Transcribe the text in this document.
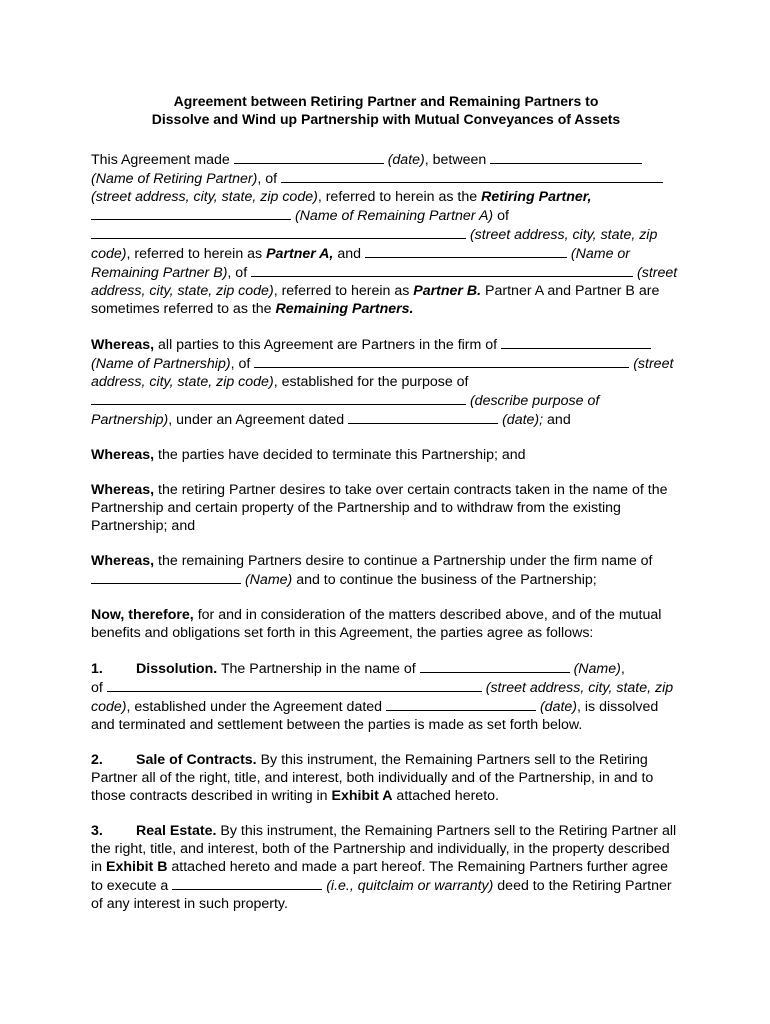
Agreement between Retiring Partner and Remaining Partners to
Dissolve and Wind up Partnership with Mutual Conveyances of Assets

This Agreement made	(date), between  (Name of Retiring Partner), of  (street address, city, state, zip code), referred to herein as the Retiring Partner,  (Name of Remaining Partner A) of  (street address, city, state, zip code), referred to herein as Partner A, and	(Name or Remaining Partner B), of	(street address, city, state, zip code), referred to herein as Partner B. Partner A and Partner B are sometimes referred to as the Remaining Partners.

Whereas, all parties to this Agreement are Partners in the firm of  (Name of Partnership), of	(street address, city, state, zip code), established for the purpose of  (describe purpose of Partnership), under an Agreement dated	(date); and

Whereas, the parties have decided to terminate this Partnership; and

Whereas, the retiring Partner desires to take over certain contracts taken in the name of the Partnership and certain property of the Partnership and to withdraw from the existing Partnership; and

Whereas, the remaining Partners desire to continue a Partnership under the firm name of  (Name) and to continue the business of the Partnership;

Now, therefore, for and in consideration of the matters described above, and of the mutual benefits and obligations set forth in this Agreement, the parties agree as follows:

1. Dissolution. The Partnership in the name of	(Name),
of	(street address, city, state, zip code), established under the Agreement dated	(date), is dissolved and terminated and settlement between the parties is made as set forth below.

2. Sale of Contracts. By this instrument, the Remaining Partners sell to the Retiring Partner all of the right, title, and interest, both individually and of the Partnership, in and to those contracts described in writing in Exhibit A attached hereto.

3. Real Estate. By this instrument, the Remaining Partners sell to the Retiring Partner all the right, title, and interest, both of the Partnership and individually, in the property described in Exhibit B attached hereto and made a part hereof. The Remaining Partners further agree to execute a	(i.e., quitclaim or warranty) deed to the Retiring Partner of any interest in such property.
